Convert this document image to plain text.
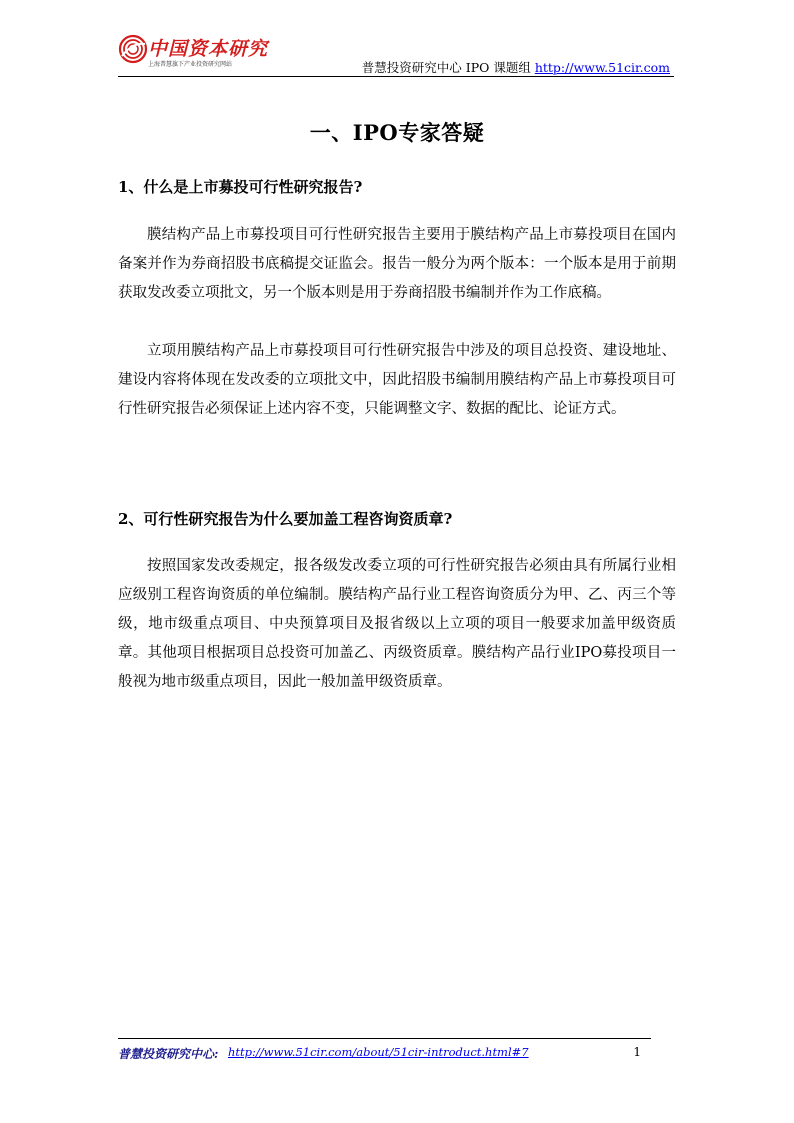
中国资本研究
上海普慧旗下产业投资研究网站	普慧投资研究中心 IPO 课题组 http://www.51cir.com
一、IPO专家答疑
1、什么是上市募投可行性研究报告?

膜结构产品上市募投项目可行性研究报告主要用于膜结构产品上市募投项目在国内备案并作为券商招股书底稿提交证监会。报告一般分为两个版本：一个版本是用于前期获取发改委立项批文，另一个版本则是用于券商招股书编制并作为工作底稿。

立项用膜结构产品上市募投项目可行性研究报告中涉及的项目总投资、建设地址、建设内容将体现在发改委的立项批文中，因此招股书编制用膜结构产品上市募投项目可行性研究报告必须保证上述内容不变，只能调整文字、数据的配比、论证方式。

2、可行性研究报告为什么要加盖工程咨询资质章?

按照国家发改委规定，报各级发改委立项的可行性研究报告必须由具有所属行业相应级别工程咨询资质的单位编制。膜结构产品行业工程咨询资质分为甲、乙、丙三个等级，地市级重点项目、中央预算项目及报省级以上立项的项目一般要求加盖甲级资质章。其他项目根据项目总投资可加盖乙、丙级资质章。膜结构产品行业IPO募投项目一般视为地市级重点项目，因此一般加盖甲级资质章。

普慧投资研究中心: http://www.51cir.com/about/51cir-introduct.html#7	1
